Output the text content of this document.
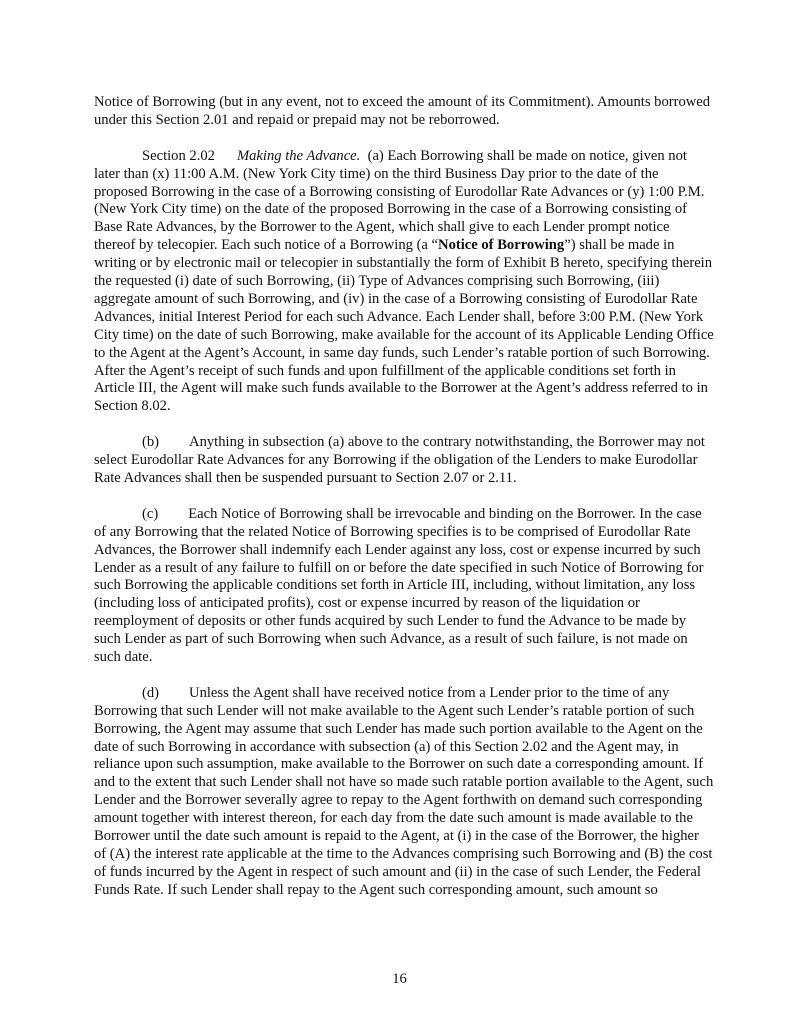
Notice of Borrowing (but in any event, not to exceed the amount of its Commitment). Amounts borrowed under this Section 2.01 and repaid or prepaid may not be reborrowed.

Section 2.02 Making the Advance. (a) Each Borrowing shall be made on notice, given not later than (x) 11:00 A.M. (New York City time) on the third Business Day prior to the date of the proposed Borrowing in the case of a Borrowing consisting of Eurodollar Rate Advances or (y) 1:00 P.M. (New York City time) on the date of the proposed Borrowing in the case of a Borrowing consisting of Base Rate Advances, by the Borrower to the Agent, which shall give to each Lender prompt notice thereof by telecopier. Each such notice of a Borrowing (a “Notice of Borrowing”) shall be made in writing or by electronic mail or telecopier in substantially the form of Exhibit B hereto, specifying therein the requested (i) date of such Borrowing, (ii) Type of Advances comprising such Borrowing, (iii) aggregate amount of such Borrowing, and (iv) in the case of a Borrowing consisting of Eurodollar Rate Advances, initial Interest Period for each such Advance. Each Lender shall, before 3:00 P.M. (New York City time) on the date of such Borrowing, make available for the account of its Applicable Lending Office to the Agent at the Agent’s Account, in same day funds, such Lender’s ratable portion of such Borrowing. After the Agent’s receipt of such funds and upon fulfillment of the applicable conditions set forth in Article III, the Agent will make such funds available to the Borrower at the Agent’s address referred to in Section 8.02.

(b) Anything in subsection (a) above to the contrary notwithstanding, the Borrower may not select Eurodollar Rate Advances for any Borrowing if the obligation of the Lenders to make Eurodollar Rate Advances shall then be suspended pursuant to Section 2.07 or 2.11.

(c) Each Notice of Borrowing shall be irrevocable and binding on the Borrower. In the case of any Borrowing that the related Notice of Borrowing specifies is to be comprised of Eurodollar Rate Advances, the Borrower shall indemnify each Lender against any loss, cost or expense incurred by such Lender as a result of any failure to fulfill on or before the date specified in such Notice of Borrowing for such Borrowing the applicable conditions set forth in Article III, including, without limitation, any loss (including loss of anticipated profits), cost or expense incurred by reason of the liquidation or reemployment of deposits or other funds acquired by such Lender to fund the Advance to be made by such Lender as part of such Borrowing when such Advance, as a result of such failure, is not made on such date.

(d) Unless the Agent shall have received notice from a Lender prior to the time of any Borrowing that such Lender will not make available to the Agent such Lender’s ratable portion of such Borrowing, the Agent may assume that such Lender has made such portion available to the Agent on the date of such Borrowing in accordance with subsection (a) of this Section 2.02 and the Agent may, in reliance upon such assumption, make available to the Borrower on such date a corresponding amount. If and to the extent that such Lender shall not have so made such ratable portion available to the Agent, such Lender and the Borrower severally agree to repay to the Agent forthwith on demand such corresponding amount together with interest thereon, for each day from the date such amount is made available to the Borrower until the date such amount is repaid to the Agent, at (i) in the case of the Borrower, the higher of (A) the interest rate applicable at the time to the Advances comprising such Borrowing and (B) the cost of funds incurred by the Agent in respect of such amount and (ii) in the case of such Lender, the Federal Funds Rate. If such Lender shall repay to the Agent such corresponding amount, such amount so

16
